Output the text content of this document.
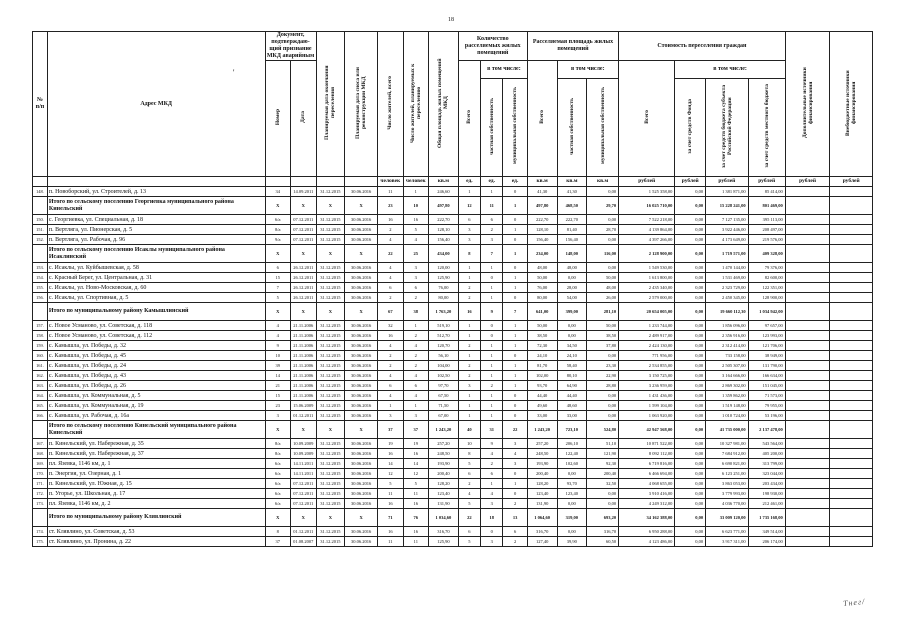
18
'
№ п/п	Адрес МКД	Документ, подтверждаю-щий признание МКД аварийным		Планируемая дата окончания переселения	Планируемая дата сноса или реконструкции МКД	Число жителей, всего	Число жителей, планируемых к переселению	Общая площадь жилых помещений МКД	Количество расселяемых жилых помещений			Расселяемая площадь жилых помещений			Стоимость переселения граждан				Дополнительные источники финансирования	Внебюджетные источники финансирования
		Номер	Дата						Всего	в том числе:		Всего	в том числе:		Всего	в том числе:				
										частная собственность	муниципальная собственность		частная собственность	муниципальная собственность		за счет средств Фонда	за счет средств бюджета субъекта Российской Федерации	за счет средств местного бюджета		
						человек	человек	кв.м	ед.	ед.	ед.	кв.м	кв.м	кв.м	рублей	рублей	рублей	рублей	рублей	рублей
148.	п. Новоборский, ул. Строителей, д. 13	34	14.09.2011	31.12.2015	30.06.2016	11	1	246,60	1	1	0	41,30	41,30	0,00	1 525 358,00	0,00	1 381 871,00	85 414,00		
	Итого по сельскому поселению Георгиевка муниципального района Кинельский	X	X	X	X	23	10	497,80	12	11	1	497,80	468,50	29,70	16 025 710,00	0,00	15 228 241,00	801 469,00		
150.	с. Георгиевка, ул. Специальная, д. 18	6/а	07.12.2011	31.12.2015	30.06.2016	16	16	222,70	6	6	0	222,70	222,70	0,00	7 522 218,00	0,00	7 127 135,00	395 113,00		
151.	п. Вертляга, ул. Пионерская, д. 5	8/а	07.12.2011	31.12.2015	30.06.2016	2	5	128,10	3	2	1	128,10	81,40	28,70	4 139 864,00	0,00	3 922 446,00	208 497,00		
152.	п. Вертляга, ул. Рабочая, д. 96	9/а	07.12.2011	31.12.2015	30.06.2016	4	4	156,40	3	3	0	156,40	156,40	0,00	4 397 266,00	0,00	4 173 649,00	219 576,00		
	Итого по сельскому поселению Исаклы муниципального района Исаклинский	X	X	X	X	22	25	434,00	8	7	1	234,00	148,00	116,00	2 128 900,00	0,00	1 719 571,00	409 328,00		
153.	с. Исаклы, ул. Куйбышевская, д. 58	6	26.12.2011	31.12.2015	30.06.2016	4	3	120,00	1	1	0	48,00	48,00	0,00	1 549 530,00	0,00	1 470 144,00	79 376,00		
154.	с. Красный Берег, ул. Центральная, д. 31	15	26.12.2011	31.12.2015	30.06.2016	4	3	125,90	1	0	1	50,00	0,00	50,00	1 613 800,00	0,00	1 531 469,00	82 600,00		
155.	с. Исаклы, ул. Ново-Московская, д. 60	7	26.12.2011	31.12.2015	30.06.2016	6	6	76,00	2	1	1	76,00	28,00	48,00	2 435 340,00	0,00	2 323 729,00	122 351,00		
156.	с. Исаклы, ул. Спортивная, д. 5	5	26.12.2011	31.12.2015	30.06.2016	2	2	80,00	2	1	0	80,00	54,00	26,00	2 579 000,00	0,00	2 450 345,00	128 900,00		
	Итого по муниципальному району Камышлинский	X	X	X	X	67	38	1 763,20	16	9	7	641,00	399,00	281,10	20 654 005,00	0,00	19 660 112,30	1 034 942,00		
157.	с. Новое Усманово, ул. Советская, д. 118	4	21.11.2006	31.12.2015	30.06.2016	32	1	519,10	1	0	1	50,00	0,00	50,00	1 233 744,00	0,00	1 856 096,00	97 657,00		
158.	с. Новое Усманово, ул. Советская, д. 112	4	21.11.2006	31.12.2015	30.06.2016	16	2	512,70	1	0	1	38,50	0,00	38,50	2 489 917,00	0,00	2 356 916,00	123 993,00		
159.	с. Камышла, ул. Победы, д. 32	9	21.11.2006	31.12.2015	30.06.2016	4	4	120,70	2	1	1	72,30	34,50	37,80	2 424 130,00	0,00	2 312 414,00	121 706,00		
160.	с. Камышла, ул. Победы, д. 45	10	21.11.2006	31.12.2015	30.06.2016	2	2	56,10	1	1	0	24,10	24,10	0,00	771 956,00	0,00	733 158,00	38 949,00		
161.	с. Камышла, ул. Победы, д. 24	39	21.11.2006	31.12.2015	30.06.2016	2	2	104,00	2	1	1	81,70	58,40	23,30	2 534 855,00	0,00	2 505 307,00	131 790,00		
162.	с. Камышла, ул. Победы, д. 43	14	21.11.2006	31.12.2015	30.06.2016	4	4	102,50	2	1	1	102,00	80,10	22,90	3 150 725,00	0,00	3 164 666,00	166 634,00		
163.	с. Камышла, ул. Победы, д. 26	21	21.11.2006	31.12.2015	30.06.2016	6	6	97,70	3	2	1	93,70	64,90	28,80	3 236 959,00	0,00	2 869 302,00	151 045,00		
164.	с. Камышла, ул. Коммунальная, д. 5	15	21.11.2006	31.12.2015	30.06.2016	4	4	67,50	1	1	0	44,40	44,40	0,00	1 431 436,00	0,00	1 359 862,00	71 573,00		
165.	с. Камышла, ул. Коммунальная, д. 19	23	15.06.2009	31.12.2015	30.06.2016	1	1	71,50	1	1	0	49,60	48,60	0,00	1 599 104,00	0,00	1 519 148,00	79 955,00		
166.	с. Камышла, ул. Рабочая, д. 16а	3	01.12.2011	31.12.2015	30.06.2016	3	3	67,00	1	1	0	33,00	33,00	0,00	1 063 920,00	0,00	1 010 724,00	53 196,00		
	Итого по сельскому поселению Кинельский муниципального района Кинельский	X	X	X	X	37	37	1 243,20	40	31	22	1 243,20	723,10	524,80	42 947 568,00	0,00	41 735 000,00	2 137 478,00		
167.	п. Кинельский, ул. Набережная, д. 35	8/а	10.09.2009	31.12.2015	30.06.2016	19	19	257,20	10	9	3	257,20	206,10	51,10	10 871 522,00	0,00	10 327 981,00	543 564,00		
168.	п. Кинельский, ул. Набережная, д. 37	8/а	10.09.2009	31.12.2015	30.06.2016	16	16	248,50	8	4	4	248,50	122,40	121,90	8 092 112,00	0,00	7 684 912,00	405 200,00		
169.	пл. Язевка, 1146 км, д. 1	6/а	14.11.2011	31.12.2015	30.06.2016	14	14	193,90	5	2	3	193,90	102,60	92,30	6 719 816,00	0,00	6 690 821,00	313 799,00		
170.	п. Энергия, ул. Озерная, д. 1	6/а	14.11.2011	31.12.2015	30.06.2016	12	12	200,40	6	6	0	200,40	0,00	200,40	6 466 694,00	0,00	6 123 251,00	323 044,00		
171.	п. Кинельский, ул. Южная, д. 15	6/а	07.12.2011	31.12.2015	30.06.2016	5	5	128,20	2	1	1	128,20	93,70	32,50	4 068 655,00	0,00	3 863 053,00	203 434,00		
172.	п. Угорье, ул. Школьная, д. 17	6/а	07.12.2011	31.12.2015	30.06.2016	11	11	123,40	4	4	0	123,40	123,40	0,00	3 910 416,00	0,00	3 779 993,00	198 930,00		
173.	пл. Язевка, 1146 км, д. 2	6/а	07.12.2011	31.12.2015	30.06.2016	16	16	131,90	5	3	2	131,90	0,00	0,00	4 249 312,00	0,00	4 036 770,00	212 461,00		
	Итого по муниципальному району Клявлинский	X	X	X	X	71	76	1 034,60	22	18	13	1 064,60	319,00	693,20	34 162 388,00	0,00	33 009 120,00	1 735 168,00		
174.	ст. Клявлино, ул. Советская, д. 53	8	01.12.2011	31.12.2015	30.06.2016	16	16	316,70	6	0	6	316,70	0,00	316,70	6 950 288,00	0,00	6 623 771,00	349 514,00		
175.	ст. Клявлино, ул. Пронина, д. 22	37	01.08.2007	31.12.2015	30.06.2016	11	11	125,90	5	3	2	127,40	39,90	60,50	4 123 486,00	0,00	3 917 311,00	206 174,00		
Тнег/
